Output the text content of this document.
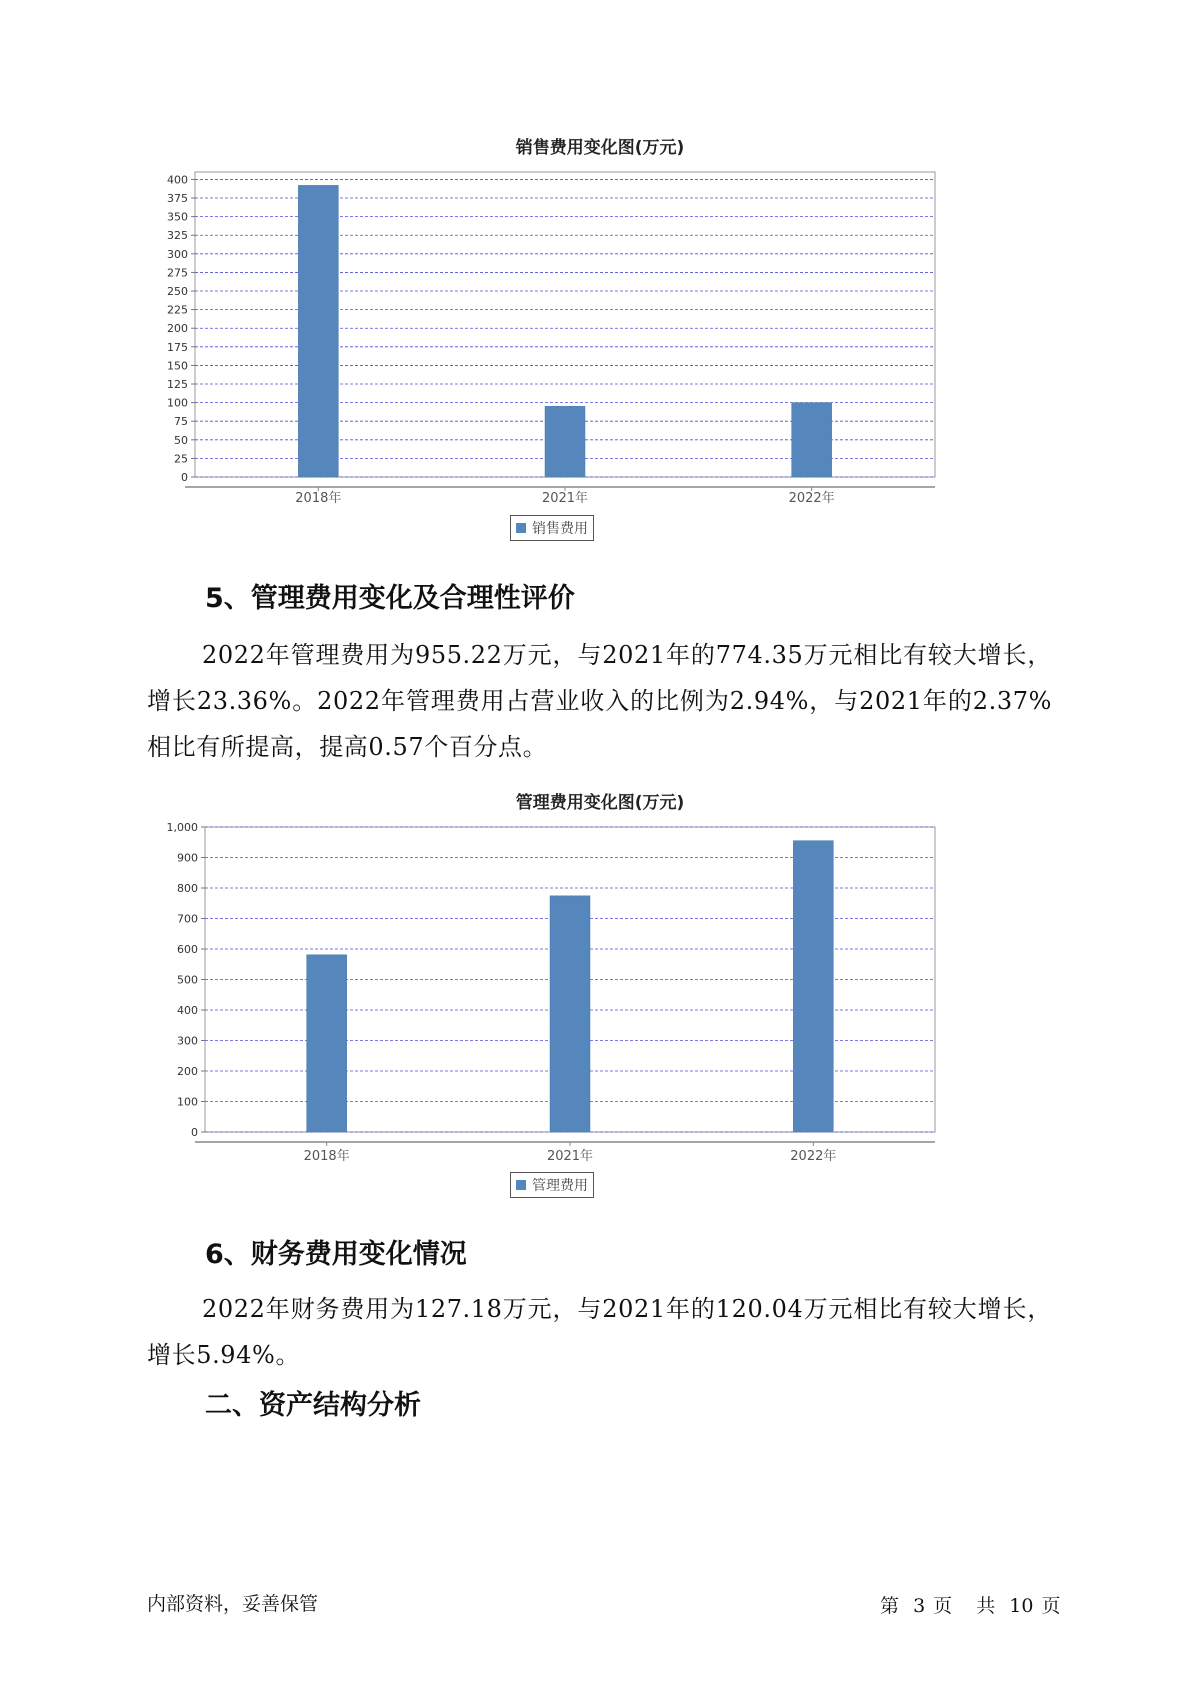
销售费用变化图(万元)
0
25
50
75
100
125
150
175
200
225
250
275
300
325
350
375
400
2018年	2021年	2022年
销售费用
5、管理费用变化及合理性评价

2022年管理费用为955.22万元，与2021年的774.35万元相比有较大增长，增长23.36%。2022年管理费用占营业收入的比例为2.94%，与2021年的2.37%相比有所提高，提高0.57个百分点。

管理费用变化图(万元)
0
100
200
300
400
500
600
700
800
900
1,000
2018年	2021年	2022年
管理费用
6、财务费用变化情况

2022年财务费用为127.18万元，与2021年的120.04万元相比有较大增长，增长5.94%。

二、资产结构分析
内部资料，妥善保管	第 3 页 共 10 页
